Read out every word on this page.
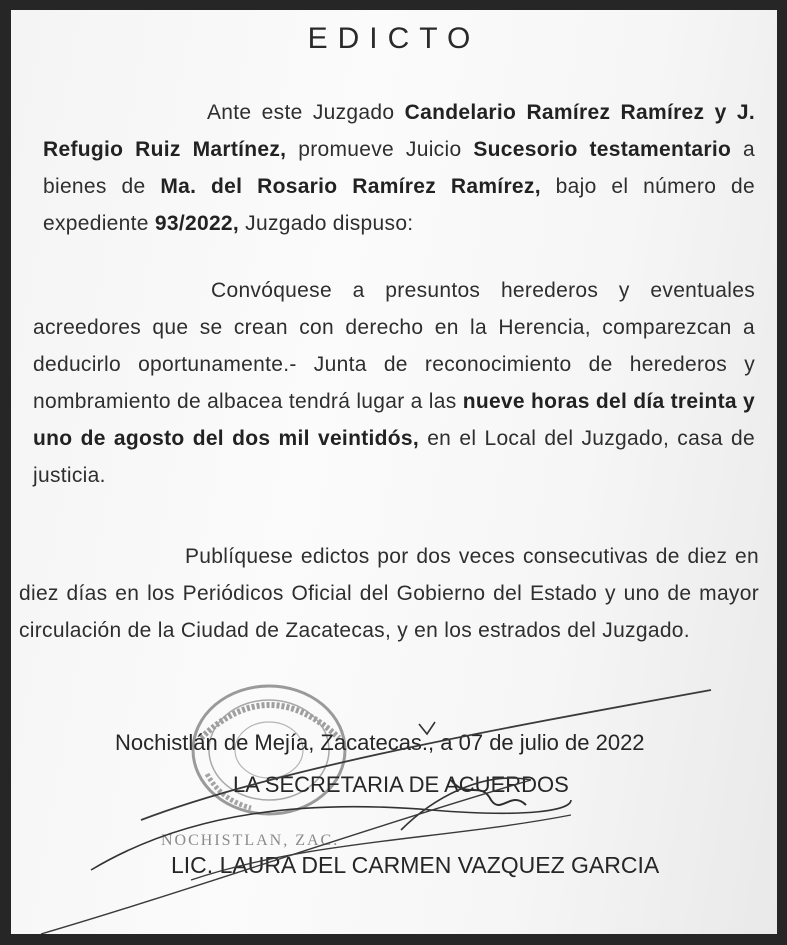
EDICTO
Ante este Juzgado Candelario Ramírez Ramírez y J. Refugio Ruiz Martínez, promueve Juicio Sucesorio testamentario a bienes de Ma. del Rosario Ramírez Ramírez, bajo el número de expediente 93/2022, Juzgado dispuso:
Convóquese a presuntos herederos y eventuales acreedores que se crean con derecho en la Herencia, comparezcan a deducirlo oportunamente.- Junta de reconocimiento de herederos y nombramiento de albacea tendrá lugar a las nueve horas del día treinta y uno de agosto del dos mil veintidós, en el Local del Juzgado, casa de justicia.
Publíquese edictos por dos veces consecutivas de diez en diez días en los Periódicos Oficial del Gobierno del Estado y uno de mayor circulación de la Ciudad de Zacatecas, y en los estrados del Juzgado.
NOCHISTLAN, ZAC.
Nochistlán de Mejía, Zacatecas., a 07 de julio de 2022
LA SECRETARIA DE ACUERDOS
LIC. LAURA DEL CARMEN VAZQUEZ GARCIA
